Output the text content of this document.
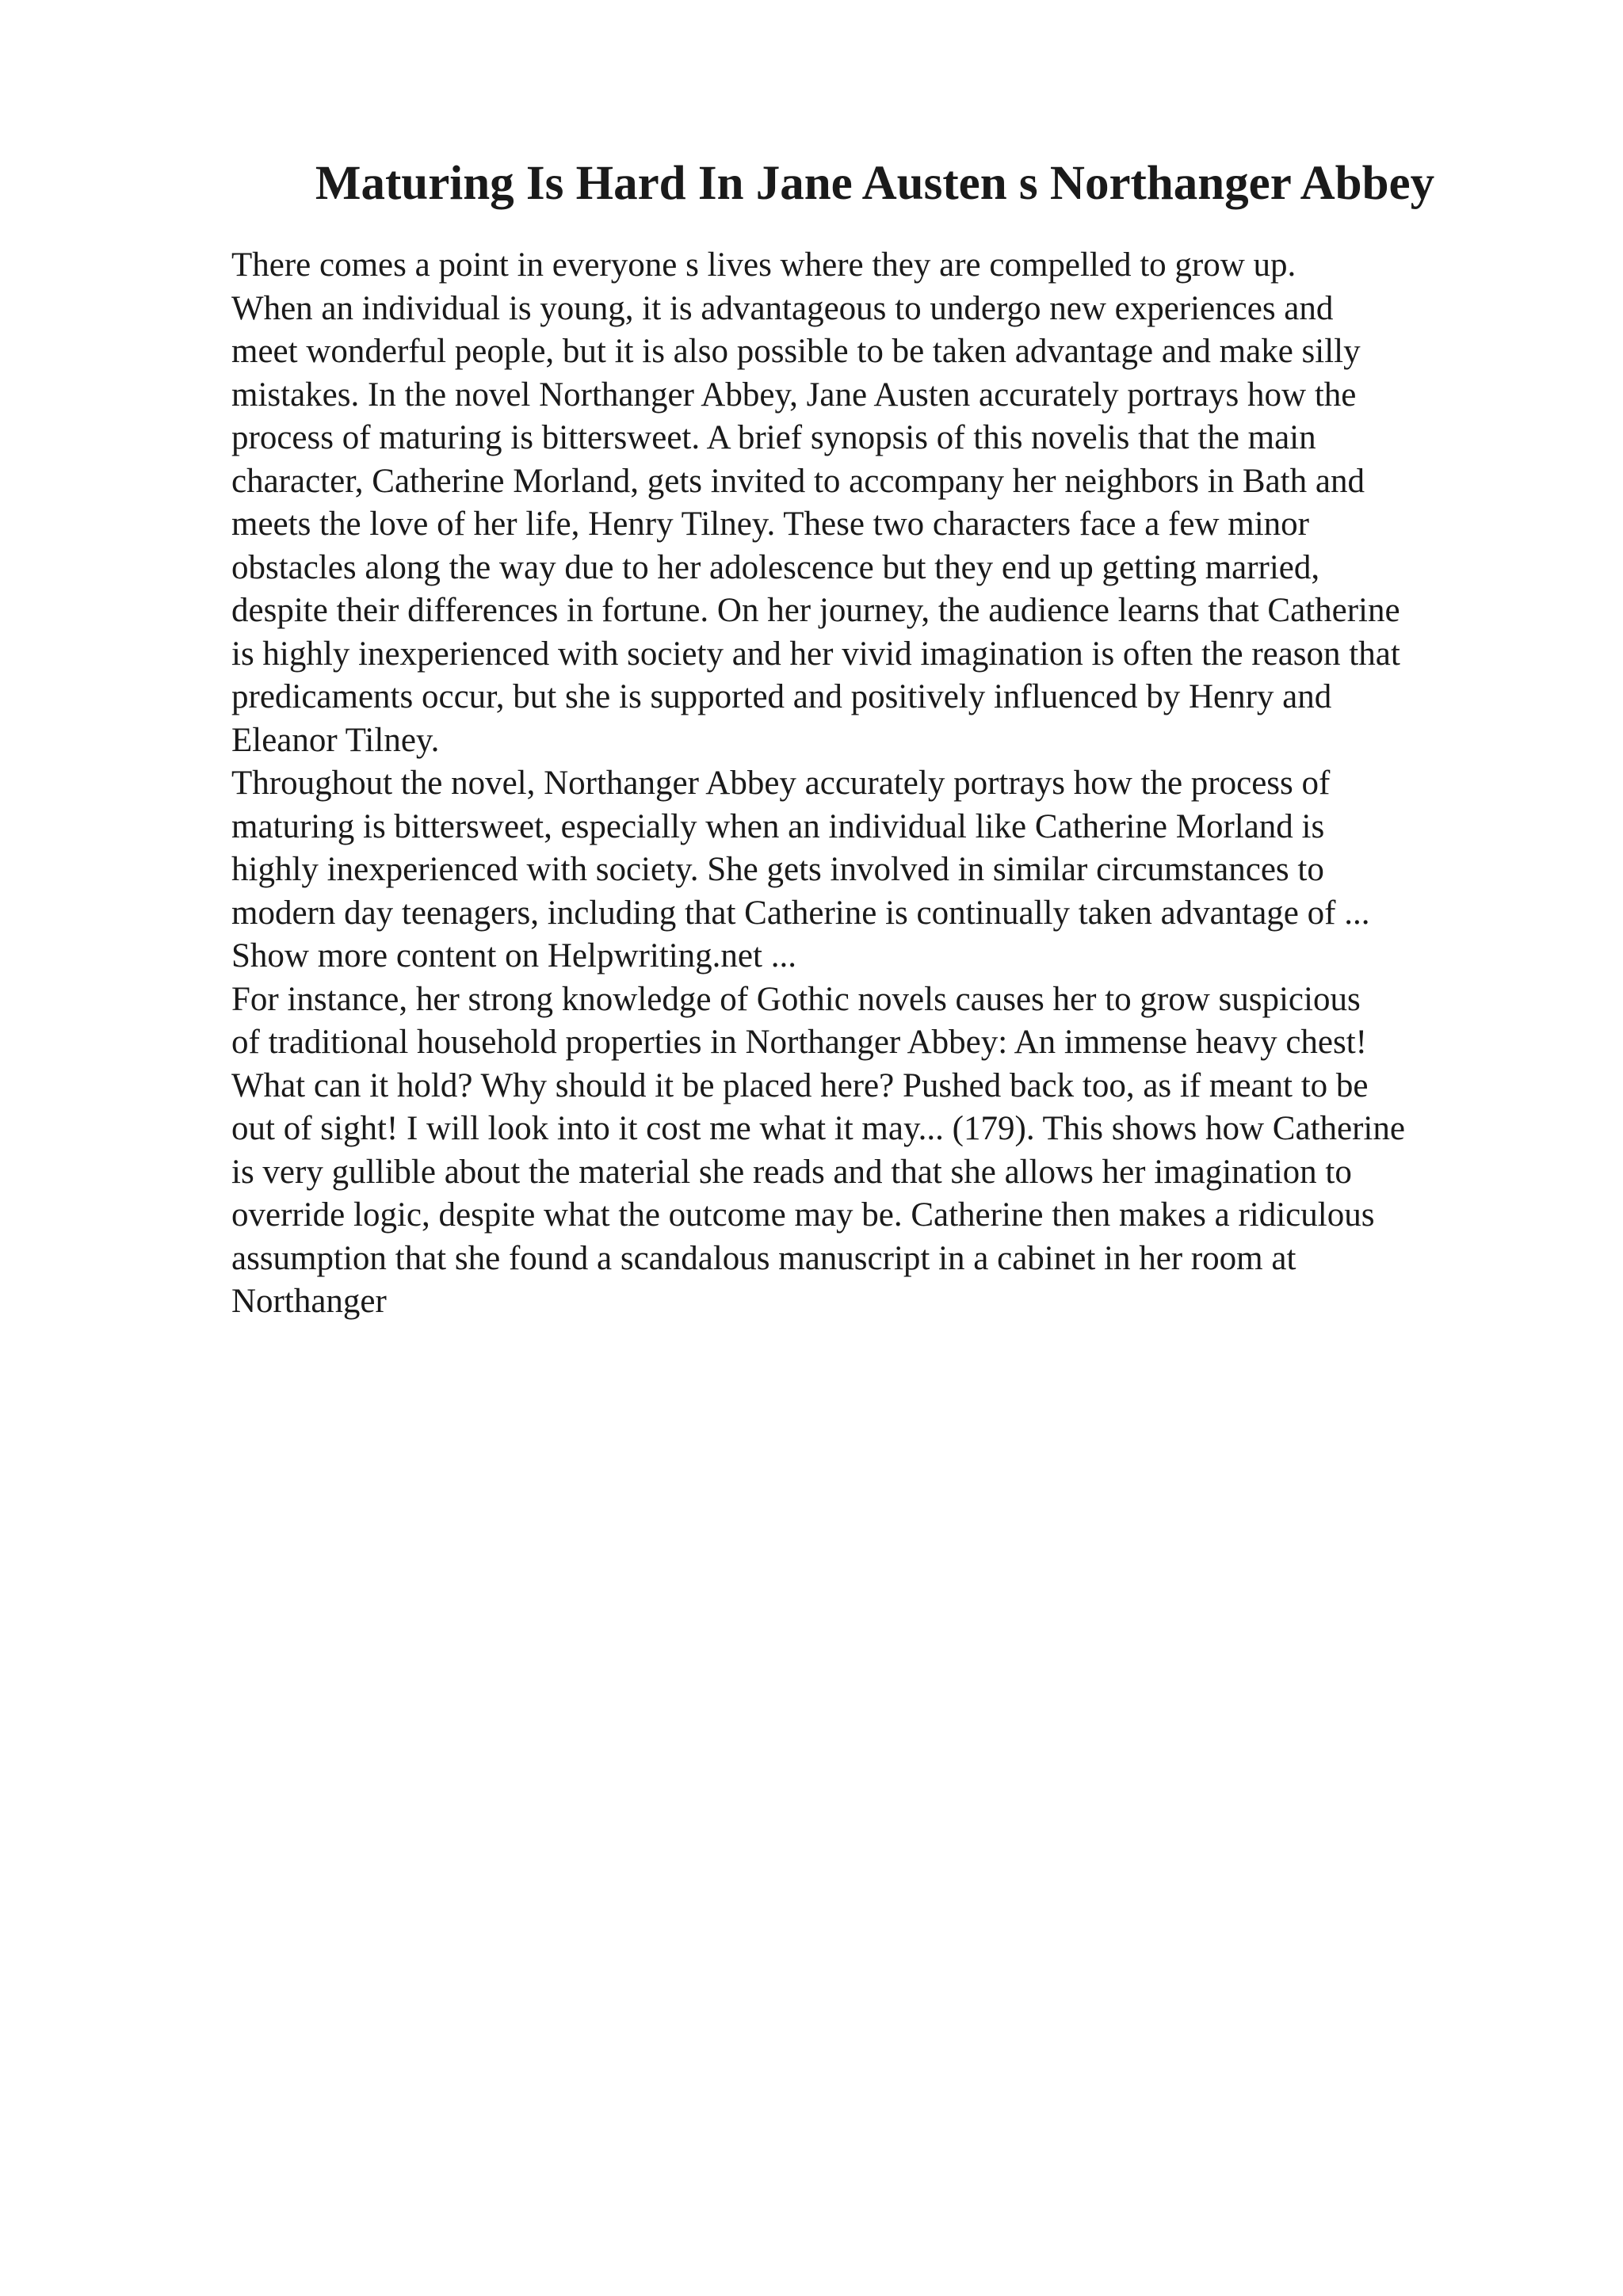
Maturing Is Hard In Jane Austen s Northanger Abbey
There comes a point in everyone s lives where they are compelled to grow up.
When an individual is young, it is advantageous to undergo new experiences and
meet wonderful people, but it is also possible to be taken advantage and make silly
mistakes. In the novel Northanger Abbey, Jane Austen accurately portrays how the
process of maturing is bittersweet. A brief synopsis of this novelis that the main
character, Catherine Morland, gets invited to accompany her neighbors in Bath and
meets the love of her life, Henry Tilney. These two characters face a few minor
obstacles along the way due to her adolescence but they end up getting married,
despite their differences in fortune. On her journey, the audience learns that Catherine
is highly inexperienced with society and her vivid imagination is often the reason that
predicaments occur, but she is supported and positively influenced by Henry and
Eleanor Tilney.
Throughout the novel, Northanger Abbey accurately portrays how the process of
maturing is bittersweet, especially when an individual like Catherine Morland is
highly inexperienced with society. She gets involved in similar circumstances to
modern day teenagers, including that Catherine is continually taken advantage of ...
Show more content on Helpwriting.net ...
For instance, her strong knowledge of Gothic novels causes her to grow suspicious
of traditional household properties in Northanger Abbey: An immense heavy chest!
What can it hold? Why should it be placed here? Pushed back too, as if meant to be
out of sight! I will look into it cost me what it may... (179). This shows how Catherine
is very gullible about the material she reads and that she allows her imagination to
override logic, despite what the outcome may be. Catherine then makes a ridiculous
assumption that she found a scandalous manuscript in a cabinet in her room at
Northanger
